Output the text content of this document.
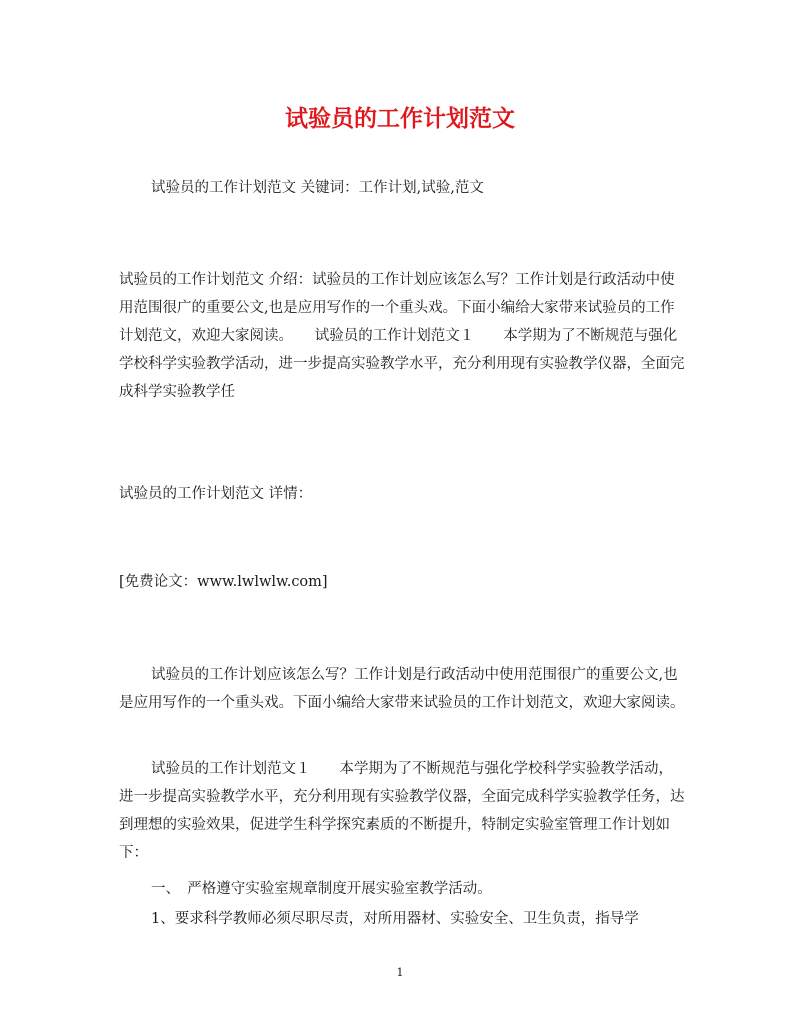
试验员的工作计划范文

试验员的工作计划范文 关键词：工作计划,试验,范文

试验员的工作计划范文 介绍：试验员的工作计划应该怎么写？工作计划是行政活动中使用范围很广的重要公文,也是应用写作的一个重头戏。下面小编给大家带来试验员的工作计划范文，欢迎大家阅读。　　试验员的工作计划范文１　　本学期为了不断规范与强化学校科学实验教学活动，进一步提高实验教学水平，充分利用现有实验教学仪器，全面完成科学实验教学任

试验员的工作计划范文 详情：

[免费论文：www.lwlwlw.com]

试验员的工作计划应该怎么写？工作计划是行政活动中使用范围很广的重要公文,也是应用写作的一个重头戏。下面小编给大家带来试验员的工作计划范文，欢迎大家阅读。

试验员的工作计划范文１　　本学期为了不断规范与强化学校科学实验教学活动，进一步提高实验教学水平，充分利用现有实验教学仪器，全面完成科学实验教学任务，达到理想的实验效果，促进学生科学探究素质的不断提升，特制定实验室管理工作计划如下：

一、　严格遵守实验室规章制度开展实验室教学活动。

1、要求科学教师必须尽职尽责，对所用器材、实验安全、卫生负责，指导学

1
